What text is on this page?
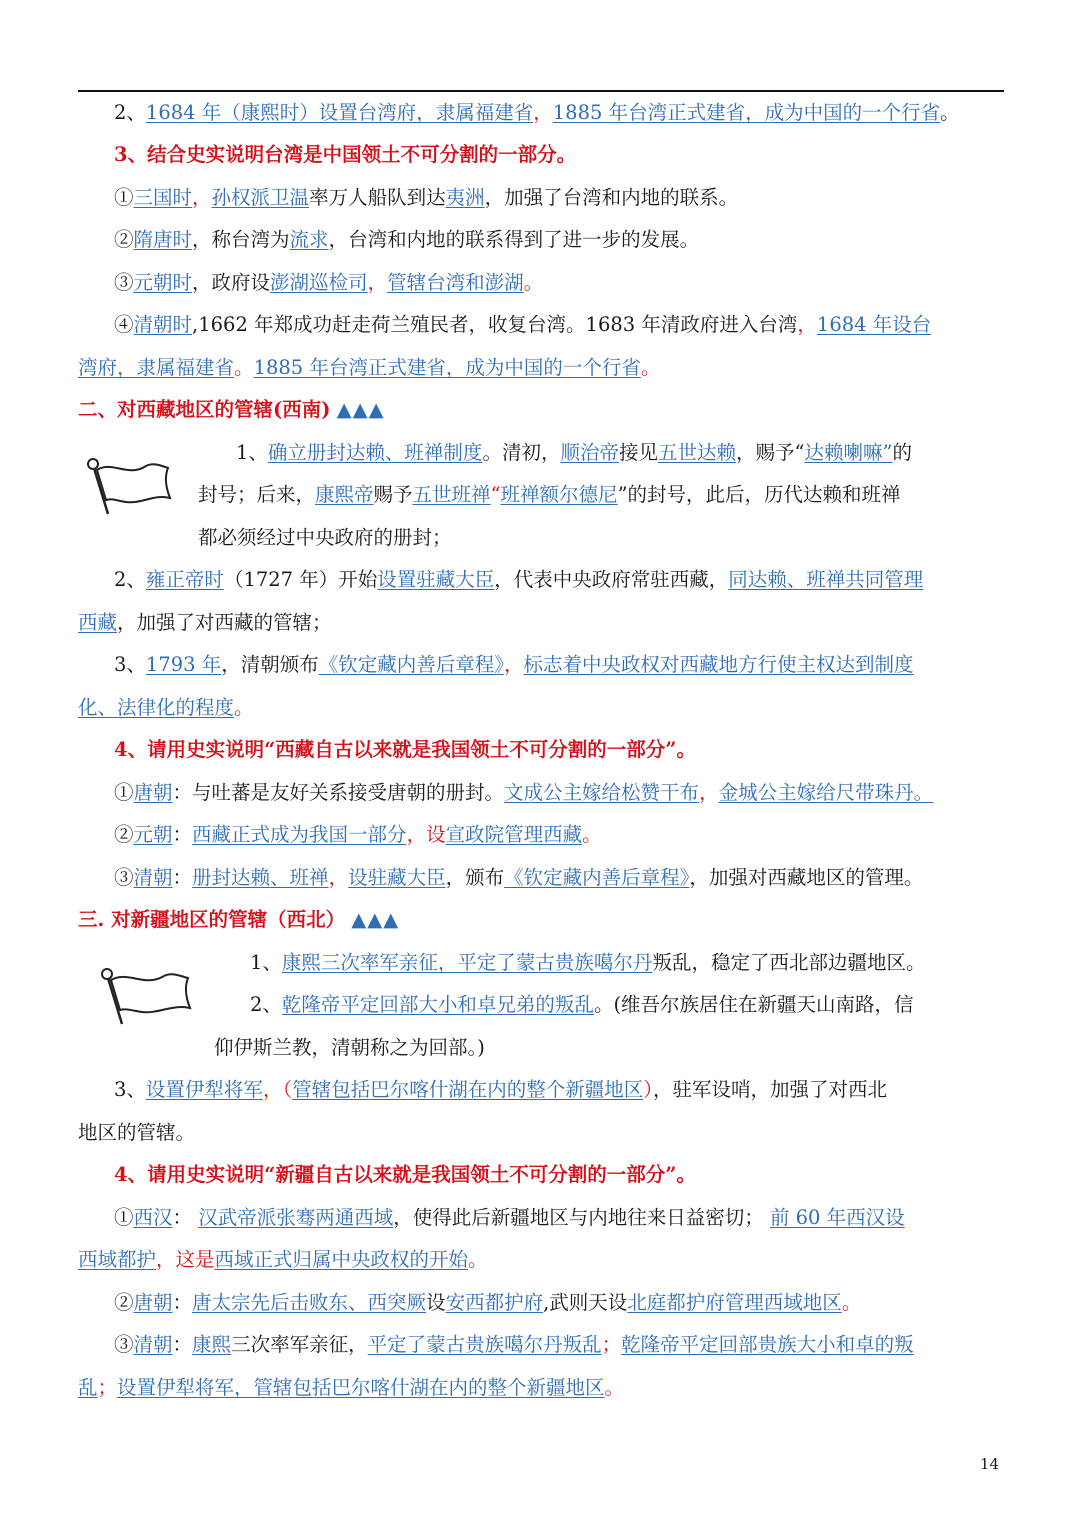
2、1684 年（康熙时）设置台湾府，隶属福建省，1885 年台湾正式建省，成为中国的一个行省。
3、结合史实说明台湾是中国领土不可分割的一部分。
①三国时，孙权派卫温率万人船队到达夷洲，加强了台湾和内地的联系。
②隋唐时，称台湾为流求，台湾和内地的联系得到了进一步的发展。
③元朝时，政府设澎湖巡检司，管辖台湾和澎湖。
④清朝时,1662 年郑成功赶走荷兰殖民者，收复台湾。1683 年清政府进入台湾，1684 年设台
湾府，隶属福建省。1885 年台湾正式建省，成为中国的一个行省。
二、对西藏地区的管辖(西南) ▲▲▲
1、确立册封达赖、班禅制度。清初，顺治帝接见五世达赖，赐予“达赖喇嘛”的
封号；后来，康熙帝赐予五世班禅“班禅额尔德尼”的封号，此后，历代达赖和班禅
都必须经过中央政府的册封；
2、雍正帝时（1727 年）开始设置驻藏大臣，代表中央政府常驻西藏，同达赖、班禅共同管理
西藏，加强了对西藏的管辖；
3、1793 年，清朝颁布《钦定藏内善后章程》，标志着中央政权对西藏地方行使主权达到制度
化、法律化的程度。
4、请用史实说明“西藏自古以来就是我国领土不可分割的一部分”。
①唐朝：与吐蕃是友好关系接受唐朝的册封。文成公主嫁给松赞干布，金城公主嫁给尺带珠丹。
②元朝：西藏正式成为我国一部分，设宣政院管理西藏。
③清朝：册封达赖、班禅，设驻藏大臣，颁布《钦定藏内善后章程》，加强对西藏地区的管理。
三. 对新疆地区的管辖（西北） ▲▲▲
1、康熙三次率军亲征，平定了蒙古贵族噶尔丹叛乱，稳定了西北部边疆地区。
2、乾隆帝平定回部大小和卓兄弟的叛乱。(维吾尔族居住在新疆天山南路，信
仰伊斯兰教，清朝称之为回部。)
3、设置伊犁将军，（管辖包括巴尔喀什湖在内的整个新疆地区），驻军设哨，加强了对西北
地区的管辖。
4、请用史实说明“新疆自古以来就是我国领土不可分割的一部分”。
①西汉： 汉武帝派张骞两通西域，使得此后新疆地区与内地往来日益密切； 前 60 年西汉设
西域都护，这是西域正式归属中央政权的开始。
②唐朝：唐太宗先后击败东、西突厥设安西都护府,武则天设北庭都护府管理西域地区。
③清朝：康熙三次率军亲征，平定了蒙古贵族噶尔丹叛乱；乾隆帝平定回部贵族大小和卓的叛
乱；设置伊犁将军，管辖包括巴尔喀什湖在内的整个新疆地区。
14
